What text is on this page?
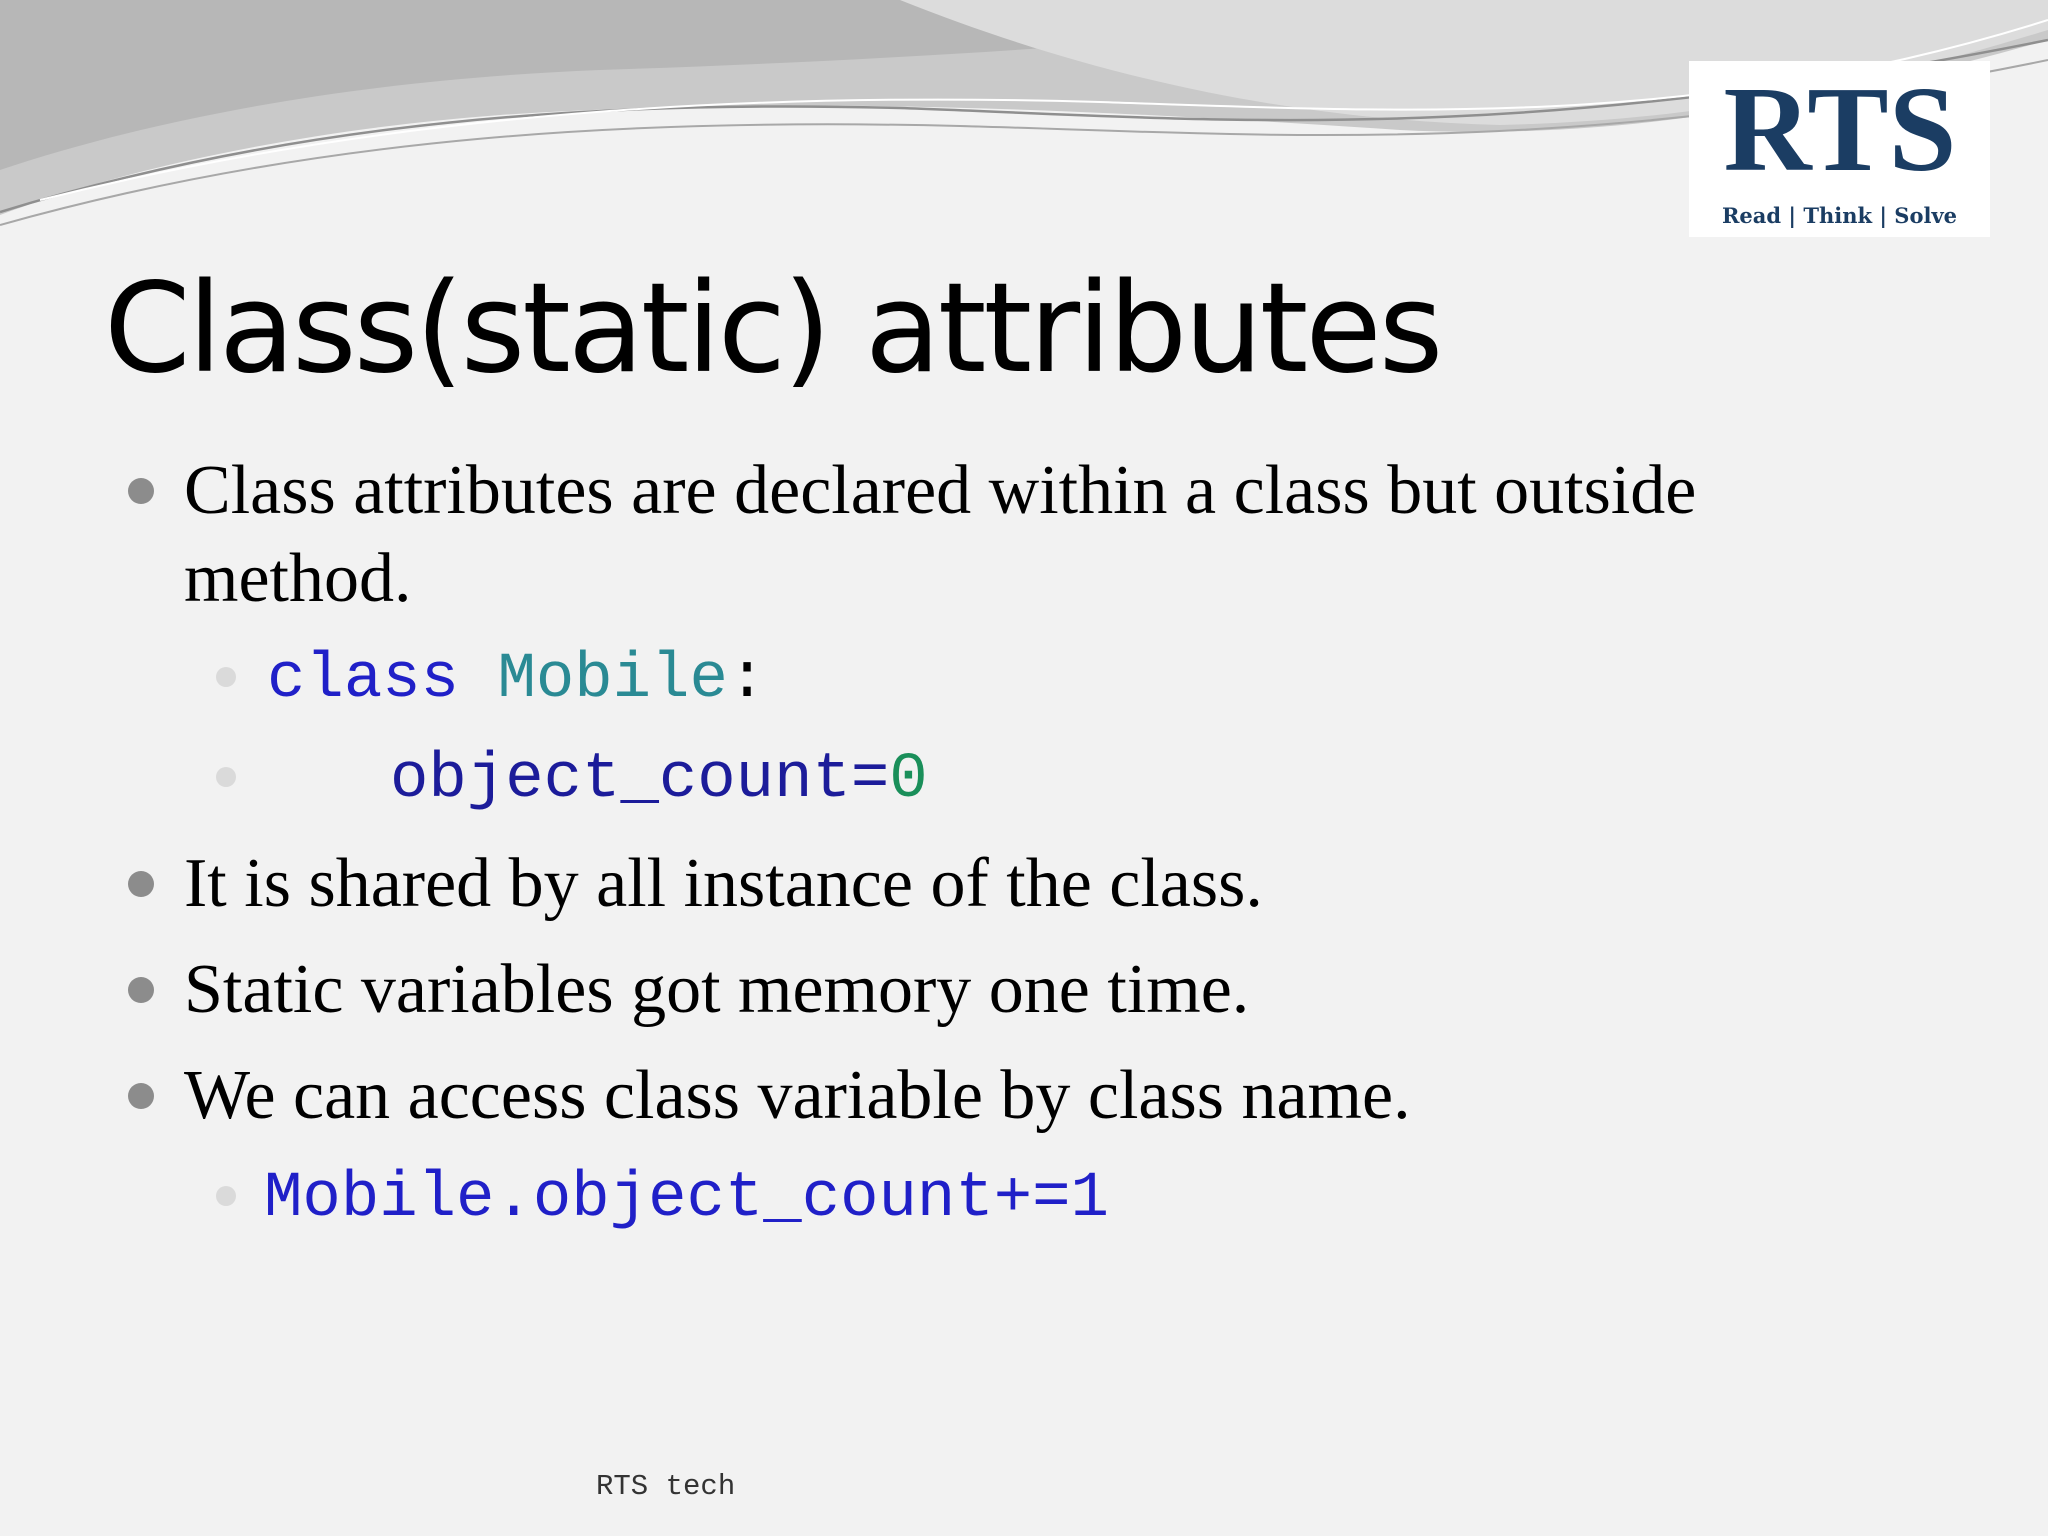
RTS
Read | Think | Solve
Class(static) attributes
Class attributes are declared within a class but outside method.
class Mobile:
object_count=0
It is shared by all instance of the class.
Static variables got memory one time.
We can access class variable by class name.
Mobile.object_count+=1
RTS tech
